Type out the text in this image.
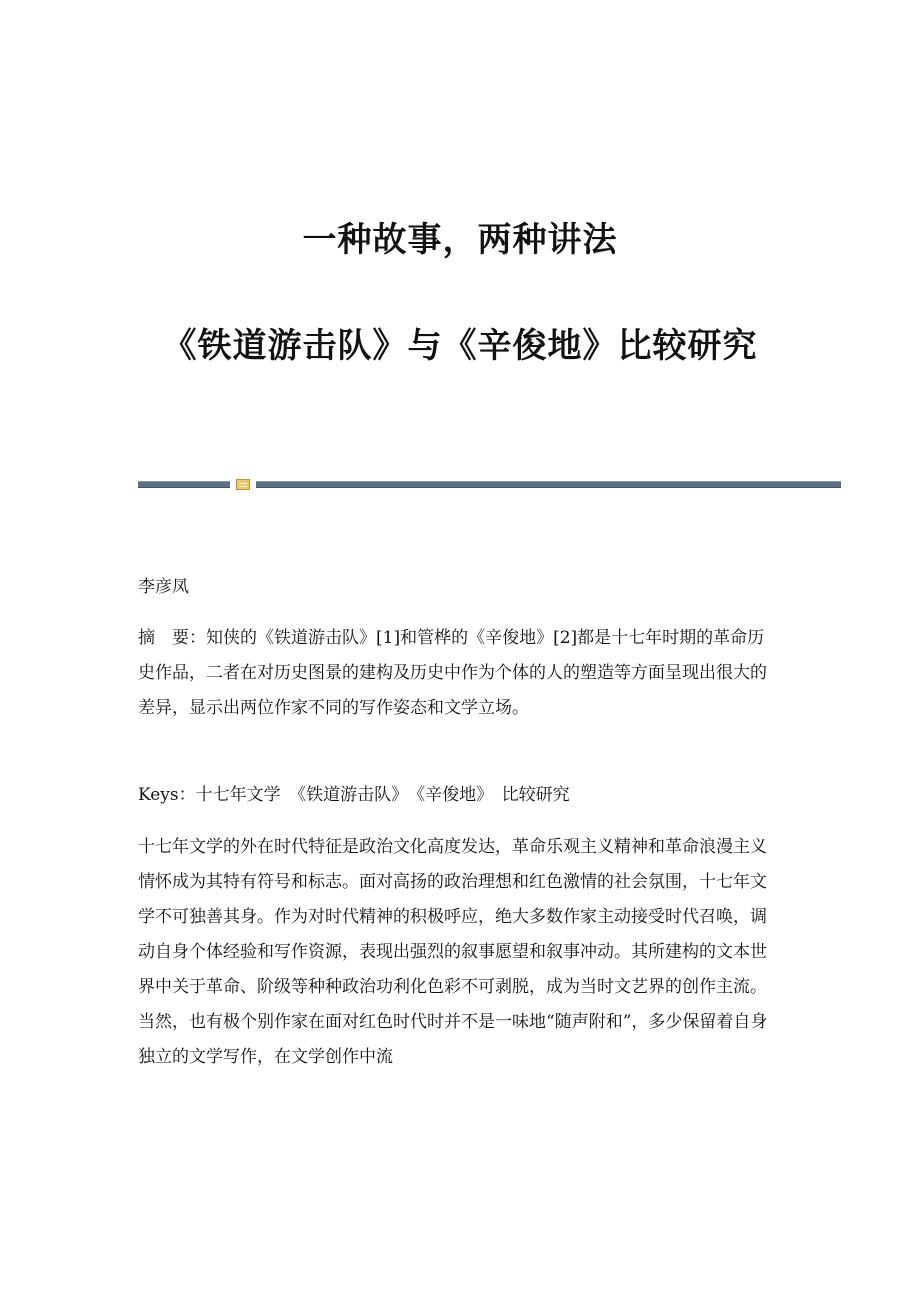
一种故事，两种讲法
《铁道游击队》与《辛俊地》比较研究

李彦凤

摘　要：知侠的《铁道游击队》[1]和管桦的《辛俊地》[2]都是十七年时期的革命历史作品，二者在对历史图景的建构及历史中作为个体的人的塑造等方面呈现出很大的差异，显示出两位作家不同的写作姿态和文学立场。

Keys：十七年文学　《铁道游击队》　《辛俊地》　比较研究

十七年文学的外在时代特征是政治文化高度发达，革命乐观主义精神和革命浪漫主义情怀成为其特有符号和标志。面对高扬的政治理想和红色激情的社会氛围，十七年文学不可独善其身。作为对时代精神的积极呼应，绝大多数作家主动接受时代召唤，调动自身个体经验和写作资源，表现出强烈的叙事愿望和叙事冲动。其所建构的文本世界中关于革命、阶级等种种政治功利化色彩不可剥脱，成为当时文艺界的创作主流。当然，也有极个别作家在面对红色时代时并不是一味地“随声附和”，多少保留着自身独立的文学写作，在文学创作中流
